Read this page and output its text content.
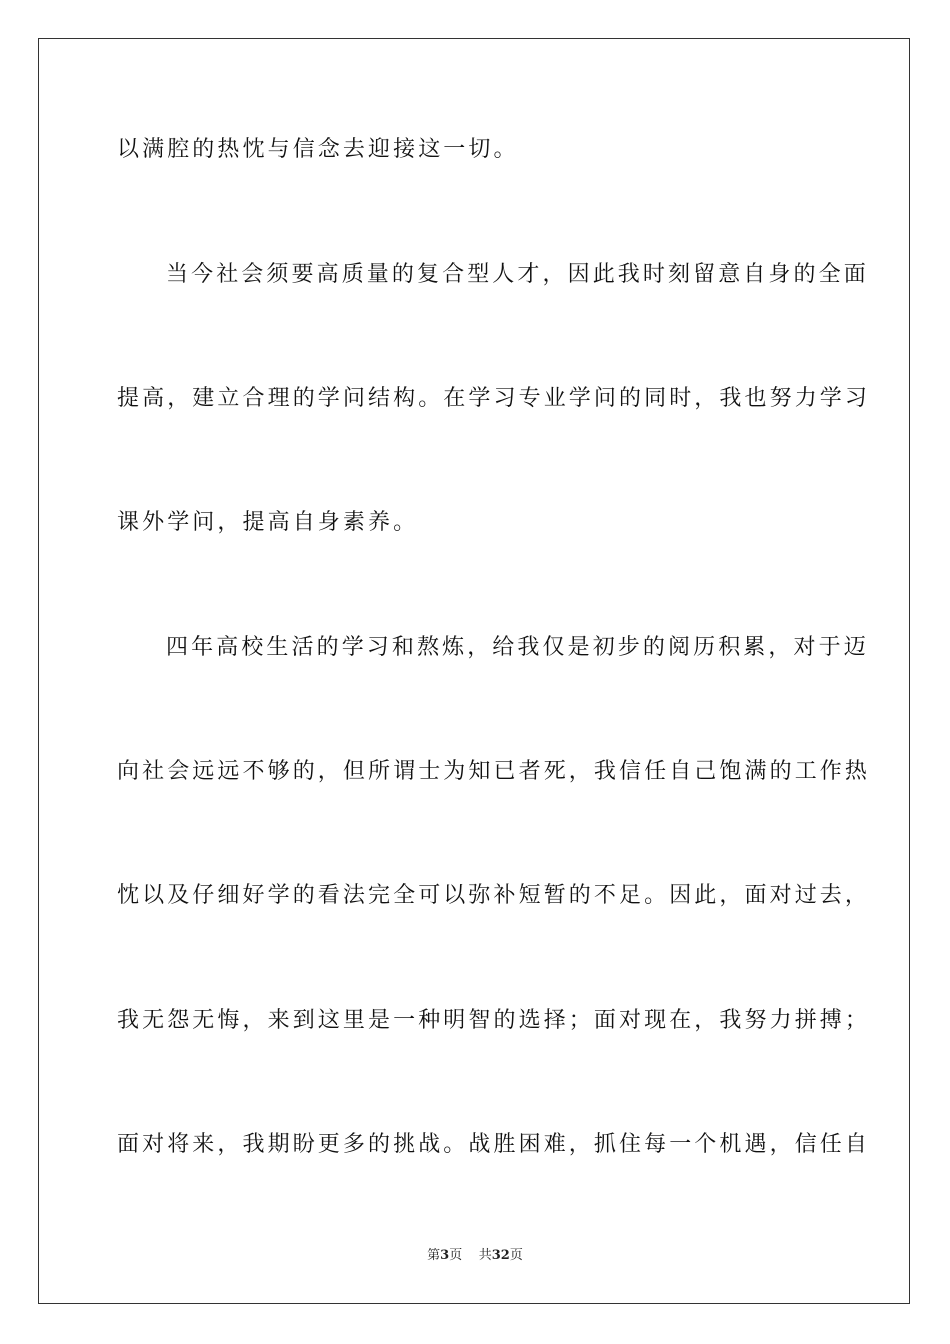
以满腔的热忱与信念去迎接这一切。
当今社会须要高质量的复合型人才，因此我时刻留意自身的全面
提高，建立合理的学问结构。在学习专业学问的同时，我也努力学习
课外学问，提高自身素养。
四年高校生活的学习和熬炼，给我仅是初步的阅历积累，对于迈
向社会远远不够的，但所谓士为知已者死，我信任自己饱满的工作热
忱以及仔细好学的看法完全可以弥补短暂的不足。因此，面对过去，
我无怨无悔，来到这里是一种明智的选择；面对现在，我努力拼搏；
面对将来，我期盼更多的挑战。战胜困难，抓住每一个机遇，信任自
第3页 共32页
